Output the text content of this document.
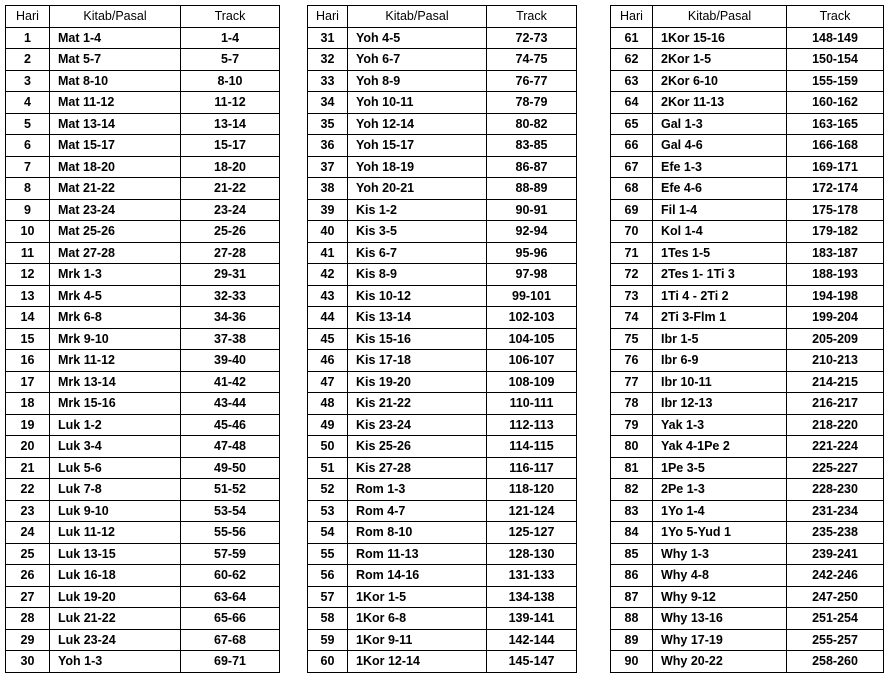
Hari	Kitab/Pasal	Track
1	Mat 1-4	1-4
2	Mat 5-7	5-7
3	Mat 8-10	8-10
4	Mat 11-12	11-12
5	Mat 13-14	13-14
6	Mat 15-17	15-17
7	Mat 18-20	18-20
8	Mat 21-22	21-22
9	Mat 23-24	23-24
10	Mat 25-26	25-26
11	Mat 27-28	27-28
12	Mrk 1-3	29-31
13	Mrk 4-5	32-33
14	Mrk 6-8	34-36
15	Mrk 9-10	37-38
16	Mrk 11-12	39-40
17	Mrk 13-14	41-42
18	Mrk 15-16	43-44
19	Luk 1-2	45-46
20	Luk 3-4	47-48
21	Luk 5-6	49-50
22	Luk 7-8	51-52
23	Luk 9-10	53-54
24	Luk 11-12	55-56
25	Luk 13-15	57-59
26	Luk 16-18	60-62
27	Luk 19-20	63-64
28	Luk 21-22	65-66
29	Luk 23-24	67-68
30	Yoh 1-3	69-71
Hari	Kitab/Pasal	Track
31	Yoh 4-5	72-73
32	Yoh 6-7	74-75
33	Yoh 8-9	76-77
34	Yoh 10-11	78-79
35	Yoh 12-14	80-82
36	Yoh 15-17	83-85
37	Yoh 18-19	86-87
38	Yoh 20-21	88-89
39	Kis 1-2	90-91
40	Kis 3-5	92-94
41	Kis 6-7	95-96
42	Kis 8-9	97-98
43	Kis 10-12	99-101
44	Kis 13-14	102-103
45	Kis 15-16	104-105
46	Kis 17-18	106-107
47	Kis 19-20	108-109
48	Kis 21-22	110-111
49	Kis 23-24	112-113
50	Kis 25-26	114-115
51	Kis 27-28	116-117
52	Rom 1-3	118-120
53	Rom 4-7	121-124
54	Rom 8-10	125-127
55	Rom 11-13	128-130
56	Rom 14-16	131-133
57	1Kor 1-5	134-138
58	1Kor 6-8	139-141
59	1Kor 9-11	142-144
60	1Kor 12-14	145-147
Hari	Kitab/Pasal	Track
61	1Kor 15-16	148-149
62	2Kor 1-5	150-154
63	2Kor 6-10	155-159
64	2Kor 11-13	160-162
65	Gal 1-3	163-165
66	Gal 4-6	166-168
67	Efe 1-3	169-171
68	Efe 4-6	172-174
69	Fil 1-4	175-178
70	Kol 1-4	179-182
71	1Tes 1-5	183-187
72	2Tes 1- 1Ti 3	188-193
73	1Ti 4 - 2Ti 2	194-198
74	2Ti 3-Flm 1	199-204
75	Ibr 1-5	205-209
76	Ibr 6-9	210-213
77	Ibr 10-11	214-215
78	Ibr 12-13	216-217
79	Yak 1-3	218-220
80	Yak 4-1Pe 2	221-224
81	1Pe 3-5	225-227
82	2Pe 1-3	228-230
83	1Yo 1-4	231-234
84	1Yo 5-Yud 1	235-238
85	Why 1-3	239-241
86	Why 4-8	242-246
87	Why 9-12	247-250
88	Why 13-16	251-254
89	Why 17-19	255-257
90	Why 20-22	258-260
